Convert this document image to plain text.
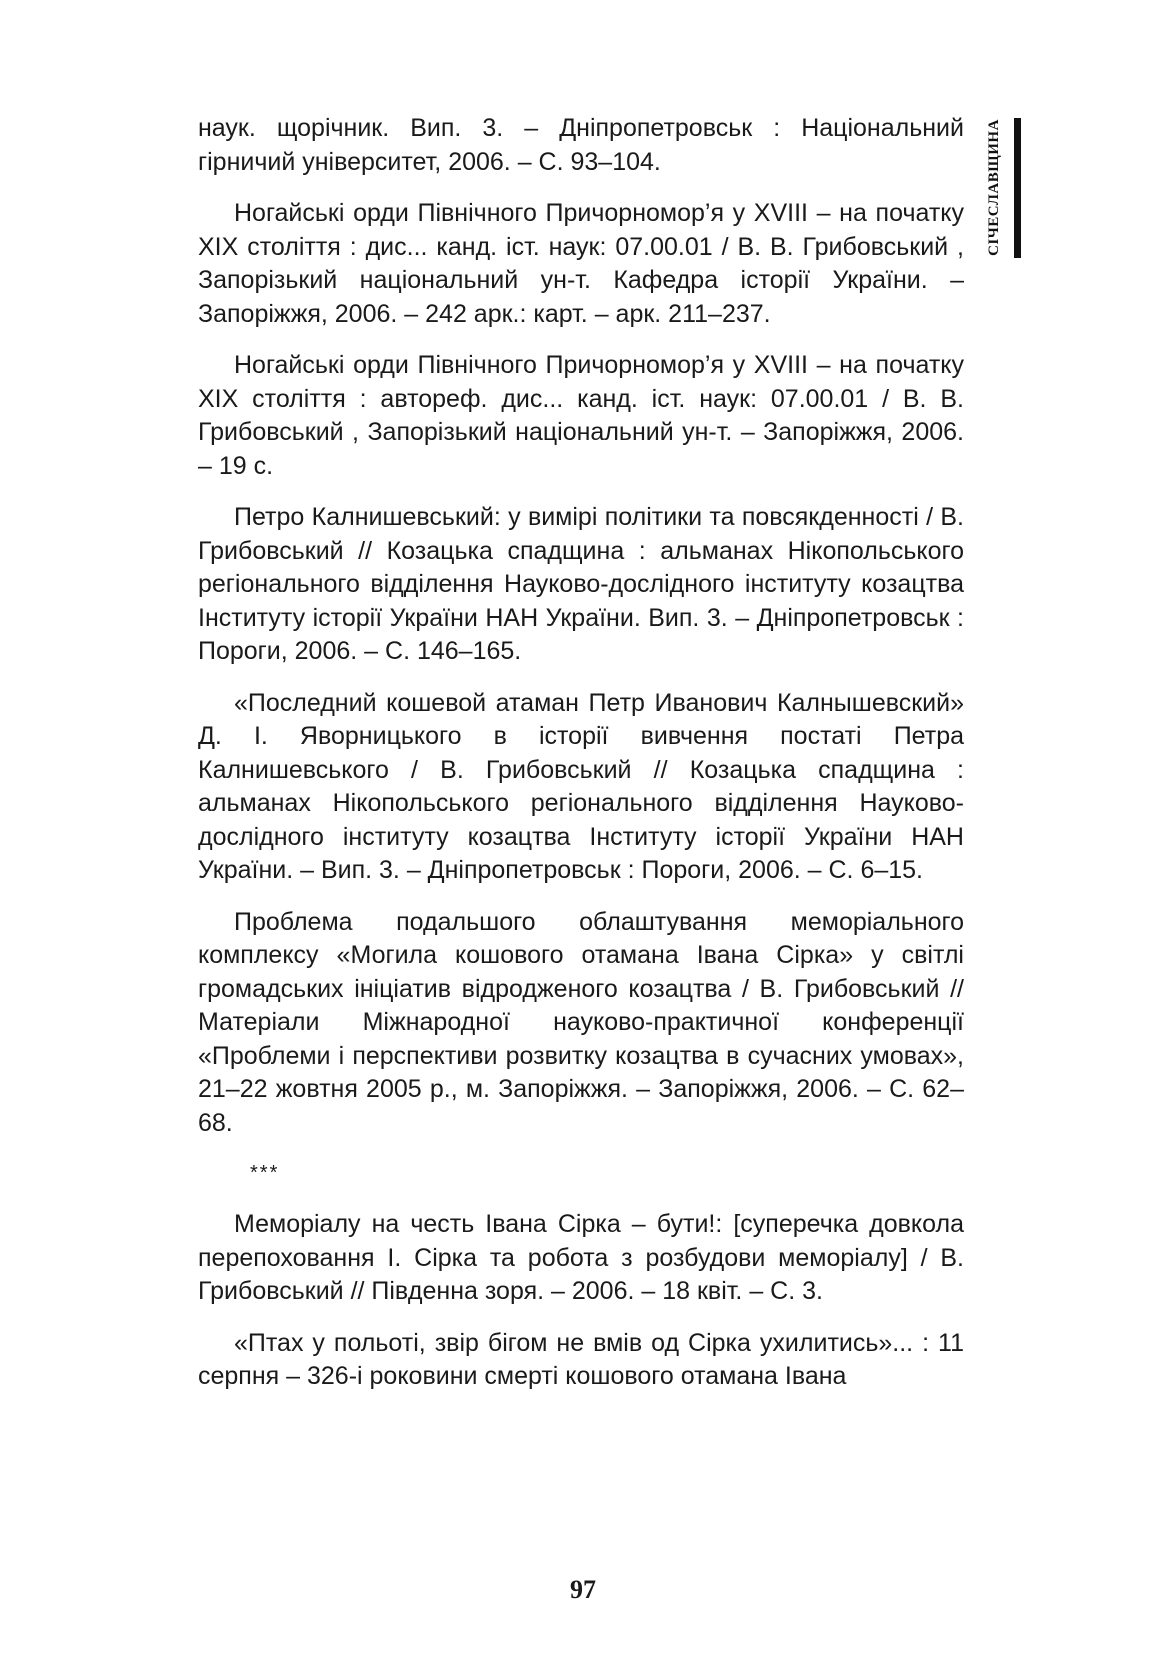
наук. щорічник. Вип. 3. – Дніпропетровськ : Національний гірничий університет, 2006. – С. 93–104.

Ногайські орди Північного Причорномор’я у XVIII – на початку XIX століття : дис... канд. іст. наук: 07.00.01 / В. В. Грибовський , Запорізький національний ун-т. Кафедра історії України. – Запоріжжя, 2006. – 242 арк.: карт. – арк. 211–237.

Ногайські орди Північного Причорномор’я у XVIII – на початку XIX століття : автореф. дис... канд. іст. наук: 07.00.01 / В. В. Грибовський , Запорізький національний ун-т. – Запоріжжя, 2006. – 19 с.

Петро Калнишевський: у вимірі політики та повсякденності / В. Грибовський // Козацька спадщина : альманах Нікопольського регіонального відділення Науково-дослідного інституту козацтва Інституту історії України НАН України. Вип. 3. – Дніпропетровськ : Пороги, 2006. – С. 146–165.

«Последний кошевой атаман Петр Иванович Калнышевский» Д. І. Яворницького в історії вивчення постаті Петра Калнишевського / В. Грибовський // Козацька спадщина : альманах Нікопольського регіонального відділення Науково-дослідного інституту козацтва Інституту історії України НАН України. – Вип. 3. – Дніпропетровськ : Пороги, 2006. – С. 6–15.

Проблема подальшого облаштування меморіального комплексу «Могила кошового отамана Івана Сірка» у світлі громадських ініціатив відродженого козацтва / В. Грибовський // Матеріали Міжнародної науково-практичної конференції «Проблеми і перспективи розвитку козацтва в сучасних умовах», 21–22 жовтня 2005 р., м. Запоріжжя. – Запоріжжя, 2006. – С. 62–68.

***

Меморіалу на честь Івана Сірка – бути!: [суперечка довкола перепоховання І. Сірка та робота з розбудови меморіалу] / В. Грибовський // Південна зоря. – 2006. – 18 квіт. – С. 3.

«Птах у польоті, звір бігом не вмів од Сірка ухилитись»... : 11 серпня – 326-і роковини смерті кошового отамана Івана

СІЧЕСЛАВЩИНА
97
